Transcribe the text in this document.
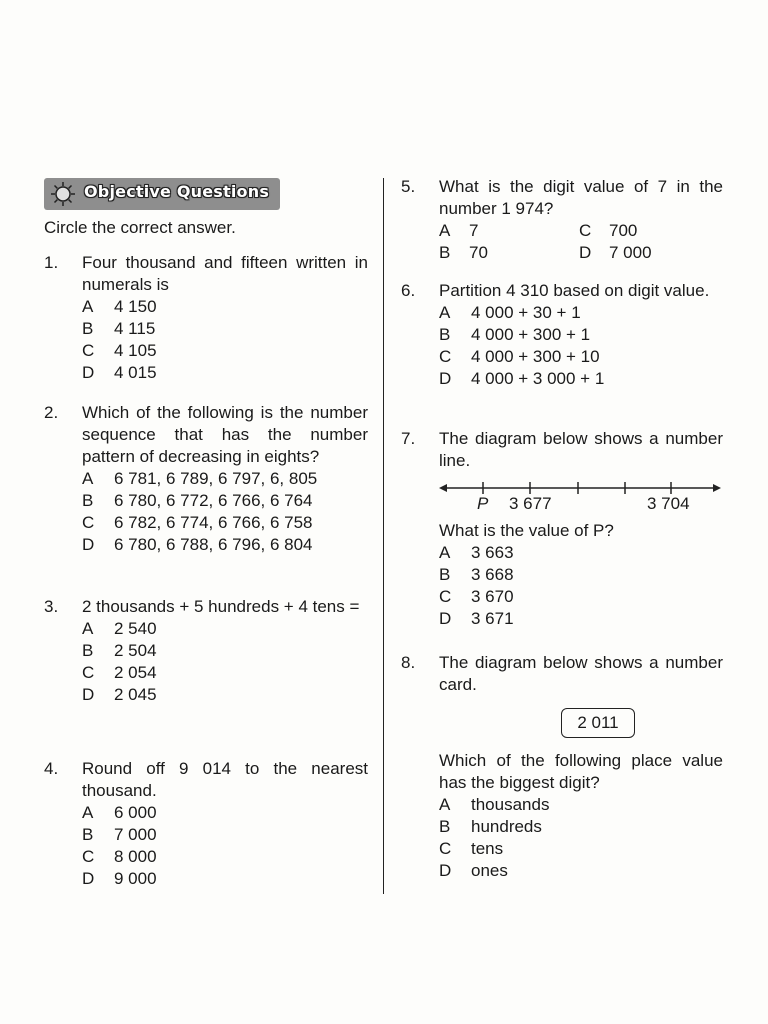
Objective Questions
Circle the correct answer.
1. Four thousand and fifteen written in numerals is
A 4 150
B 4 115
C 4 105
D 4 015
2. Which of the following is the number sequence that has the number pattern of decreasing in eights?
A 6 781, 6 789, 6 797, 6, 805
B 6 780, 6 772, 6 766, 6 764
C 6 782, 6 774, 6 766, 6 758
D 6 780, 6 788, 6 796, 6 804
3. 2 thousands + 5 hundreds + 4 tens =
A 2 540
B 2 504
C 2 054
D 2 045
4. Round off 9 014 to the nearest thousand.
A 6 000
B 7 000
C 8 000
D 9 000
5. What is the digit value of 7 in the number 1 974?
A 7	C 700
B 70	D 7 000
6. Partition 4 310 based on digit value.
A 4 000 + 30 + 1
B 4 000 + 300 + 1
C 4 000 + 300 + 10
D 4 000 + 3 000 + 1
7. The diagram below shows a number line.
P 3 677	3 704
What is the value of P?
A 3 663
B 3 668
C 3 670
D 3 671
8. The diagram below shows a number card.
2 011
Which of the following place value has the biggest digit?
A thousands
B hundreds
C tens
D ones
